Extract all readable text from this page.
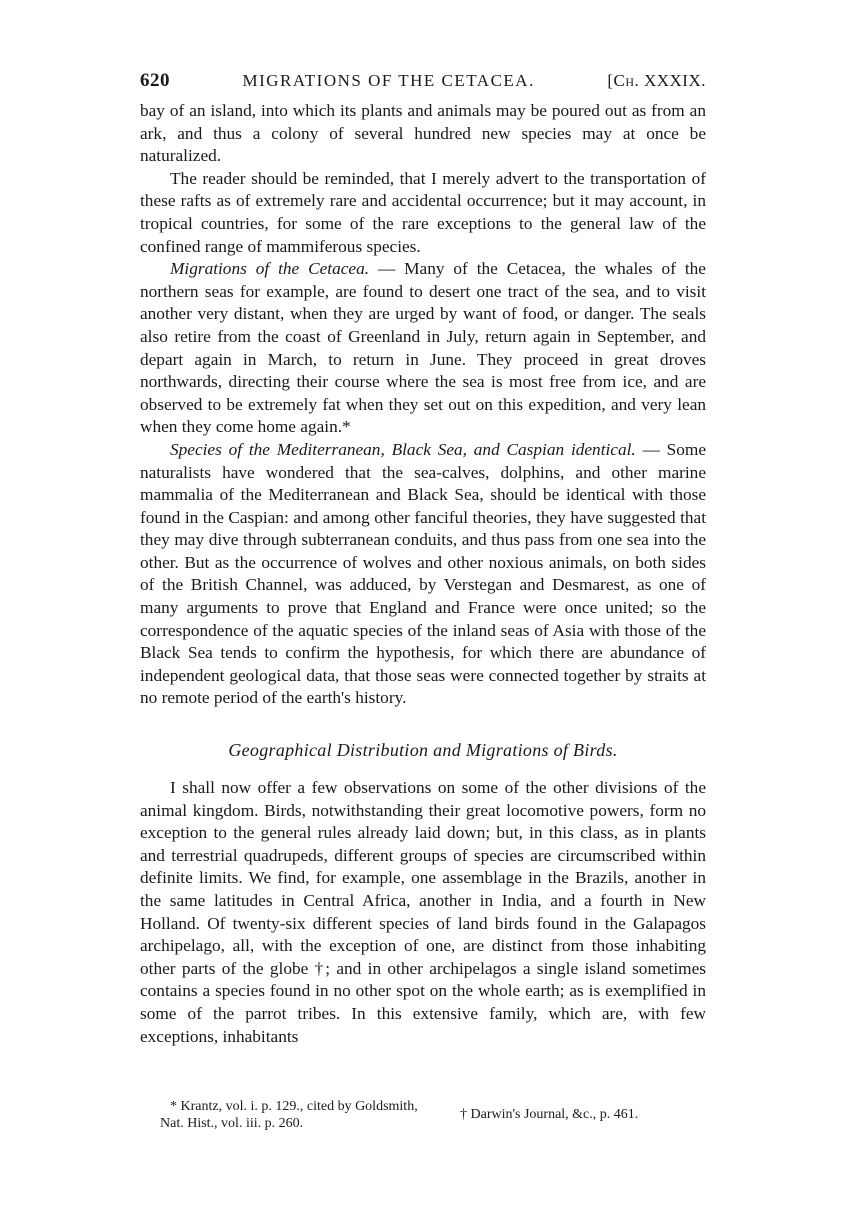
620	MIGRATIONS OF THE CETACEA.	[Ch. XXXIX.

bay of an island, into which its plants and animals may be poured out as from an ark, and thus a colony of several hundred new species may at once be naturalized.

The reader should be reminded, that I merely advert to the transportation of these rafts as of extremely rare and accidental occurrence; but it may account, in tropical countries, for some of the rare exceptions to the general law of the confined range of mammiferous species.

Migrations of the Cetacea. — Many of the Cetacea, the whales of the northern seas for example, are found to desert one tract of the sea, and to visit another very distant, when they are urged by want of food, or danger. The seals also retire from the coast of Greenland in July, return again in September, and depart again in March, to return in June. They proceed in great droves northwards, directing their course where the sea is most free from ice, and are observed to be extremely fat when they set out on this expedition, and very lean when they come home again.*

Species of the Mediterranean, Black Sea, and Caspian identical. — Some naturalists have wondered that the sea-calves, dolphins, and other marine mammalia of the Mediterranean and Black Sea, should be identical with those found in the Caspian: and among other fanciful theories, they have suggested that they may dive through subterranean conduits, and thus pass from one sea into the other. But as the occurrence of wolves and other noxious animals, on both sides of the British Channel, was adduced, by Verstegan and Desmarest, as one of many arguments to prove that England and France were once united; so the correspondence of the aquatic species of the inland seas of Asia with those of the Black Sea tends to confirm the hypothesis, for which there are abundance of independent geological data, that those seas were connected together by straits at no remote period of the earth's history.

Geographical Distribution and Migrations of Birds.

I shall now offer a few observations on some of the other divisions of the animal kingdom. Birds, notwithstanding their great locomotive powers, form no exception to the general rules already laid down; but, in this class, as in plants and terrestrial quadrupeds, different groups of species are circumscribed within definite limits. We find, for example, one assemblage in the Brazils, another in the same latitudes in Central Africa, another in India, and a fourth in New Holland. Of twenty-six different species of land birds found in the Galapagos archipelago, all, with the exception of one, are distinct from those inhabiting other parts of the globe †; and in other archipelagos a single island sometimes contains a species found in no other spot on the whole earth; as is exemplified in some of the parrot tribes. In this extensive family, which are, with few exceptions, inhabitants

* Krantz, vol. i. p. 129., cited by Goldsmith, Nat. Hist., vol. iii. p. 260.
† Darwin's Journal, &c., p. 461.
